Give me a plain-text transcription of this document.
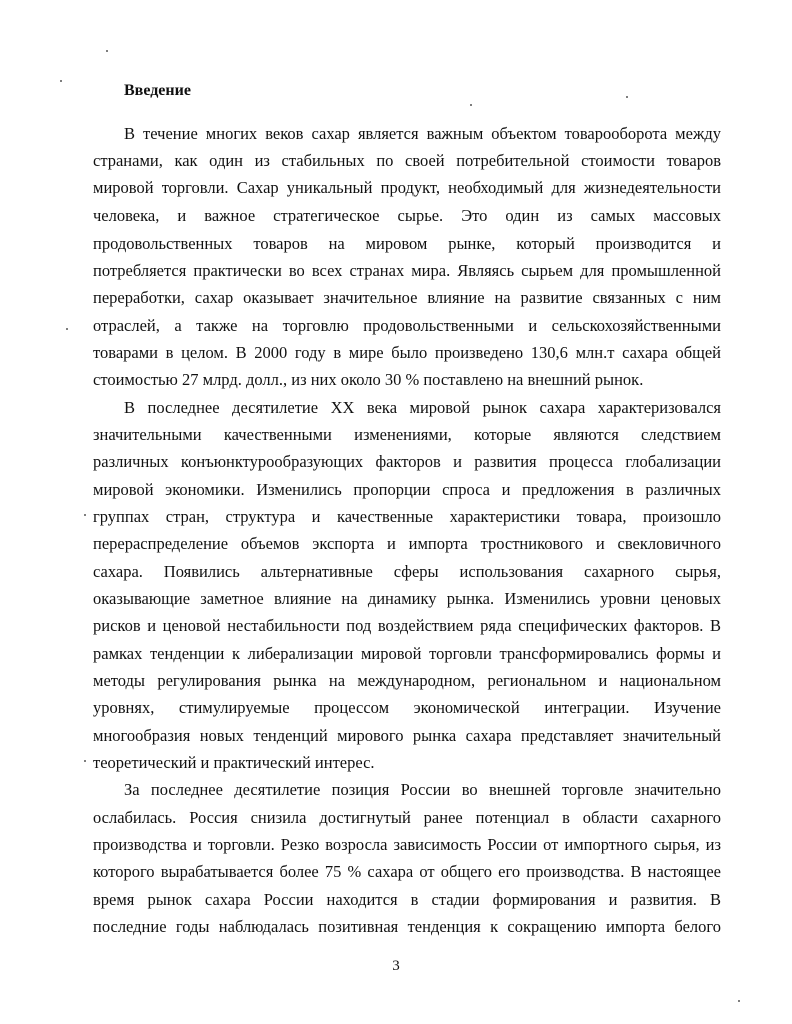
Введение

В течение многих веков сахар является важным объектом товарооборота между

странами, как один из стабильных по своей потребительной стоимости товаров

мировой торговли. Сахар уникальный продукт, необходимый для жизнедеятельности

человека, и важное стратегическое сырье. Это один из самых массовых

продовольственных товаров на мировом рынке, который производится и

потребляется практически во всех странах мира. Являясь сырьем для промышленной

переработки, сахар оказывает значительное влияние на развитие связанных с ним

отраслей, а также на торговлю продовольственными и сельскохозяйственными

товарами в целом. В 2000 году в мире было произведено 130,6 млн.т сахара общей

стоимостью 27 млрд. долл., из них около 30 % поставлено на внешний рынок.

В последнее десятилетие XX века мировой рынок сахара характеризовался

значительными качественными изменениями, которые являются следствием

различных конъюнктурообразующих факторов и развития процесса глобализации

мировой экономики. Изменились пропорции спроса и предложения в различных

группах стран, структура и качественные характеристики товара, произошло

перераспределение объемов экспорта и импорта тростникового и свекловичного

сахара. Появились альтернативные сферы использования сахарного сырья,

оказывающие заметное влияние на динамику рынка. Изменились уровни ценовых

рисков и ценовой нестабильности под воздействием ряда специфических факторов. В

рамках тенденции к либерализации мировой торговли трансформировались формы и

методы регулирования рынка на международном, региональном и национальном

уровнях, стимулируемые процессом экономической интеграции. Изучение

многообразия новых тенденций мирового рынка сахара представляет значительный

теоретический и практический интерес.

За последнее десятилетие позиция России во внешней торговле значительно

ослабилась. Россия снизила достигнутый ранее потенциал в области сахарного

производства и торговли. Резко возросла зависимость России от импортного сырья, из

которого вырабатывается более 75 % сахара от общего его производства. В настоящее

время рынок сахара России находится в стадии формирования и развития. В

последние годы наблюдалась позитивная тенденция к сокращению импорта белого

3
